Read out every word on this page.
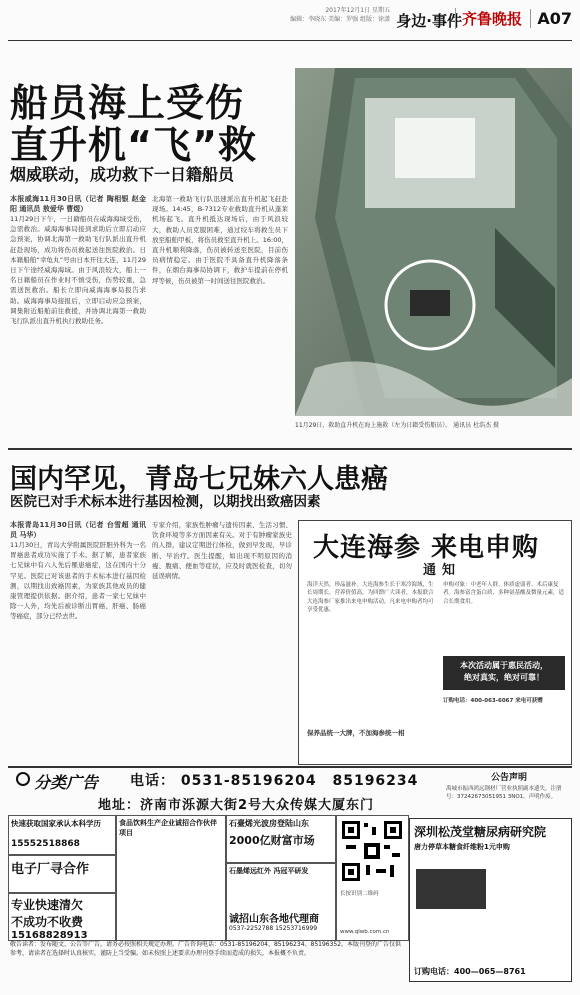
2017年12月1日 星期五
编辑：李晓东 美编：罗强 组版：徐潇 身边·事件 齐鲁晚报 A07
船员海上受伤
直升机“飞”救
烟威联动，成功救下一日籍船员
本报威海11月30日讯（记者 陶相银 赵金阳 通讯员 敖爱华 曹煜）
11月29日下午，一日籍船员在威海海域受伤，急需救治。威海海事局接到求助后立即启动应急预案，协调北海第一救助飞行队派出直升机赶赴现场，成功将伤员救起送往医院救治。日本籍船舶“幸龟丸”号由日本开往大连，11月29日下午途经威海海域。由于风浪较大，船上一名日籍船员在作业时不慎受伤，伤势较重，急需送医救治。船长立即向威海海事局报告求助。威海海事局接报后，立即启动应急预案，调集附近船舶前往救援，并协调北海第一救助飞行队派出直升机执行救助任务。
北海第一救助飞行队迅速派出直升机起飞赶赴现场。14:45，B-7312专业救助直升机从蓬莱机场起飞。直升机抵达现场后，由于风浪较大，救助人员克服困难，通过绞车将救生员下放至船舶甲板，将伤员救至直升机上。16:00，直升机顺利降落，伤员被转送至医院，目前伤员病情稳定。由于医院不具备直升机降落条件，在烟台海事局协调下，救护车提前在停机坪等候，伤员被第一时间送往医院救治。
11月29日，救助直升机在海上施救（左为日籍受伤船员）。 通讯员 杜浩杰 摄
国内罕见，青岛七兄妹六人患癌
医院已对手术标本进行基因检测，以期找出致癌因素
本报青岛11月30日讯（记者 台雪超 通讯员 马华）
11月30日，青岛大学附属医院肝胆外科为一名胃癌患者成功实施了手术。据了解，患者家族七兄妹中有六人先后罹患癌症，这在国内十分罕见。医院已对该患者的手术标本进行基因检测，以期找出致癌因素，为家族其他成员的健康管理提供依据。据介绍，患者一家七兄妹中除一人外，均先后被诊断出胃癌、肝癌、肠癌等癌症，部分已经去世。
专家介绍，家族性肿瘤与遗传因素、生活习惯、饮食环境等多方面因素有关。对于有肿瘤家族史的人群，建议定期进行体检，做到早发现、早诊断、早治疗。医生提醒，如出现不明原因的消瘦、腹痛、便血等症状，应及时就医检查，切勿延误病情。
大连海参 来电申购
通知
海洋天然，珍品滋补。大连海参生长于寒冷海域，生长周期长，营养价值高。为回馈广大读者，本报联合大连海参厂家推出来电申购活动，凡来电申购者均可享受优惠。
申购对象：中老年人群、体质虚弱者、术后康复者。海参富含蛋白质、多种氨基酸及微量元素，适合长期食用。
本次活动属于惠民活动，
绝对真实，绝对可靠！
订购电话：400-063-6067 来电可获赠
保养品统一大牌，不加海参统一相
分类广告 电话： 0531-85196204 85196234
地址：济南市泺源大街2号大众传媒大厦东门
公告声明
禹城市振西鸿远钢材厂营业执照副本遗失，注册号：37242673051951 3NO1，声明作废。
快速获取国家承认本科学历
15552518868
电子厂寻合作
专业快速清欠
不成功不收费
15168828913
食品饮料生产企业诚招合作伙伴项目
石臺烯光波房登陆山东
2000亿财富市场
石墨烯远红外 冯冠平研发
诚招山东各地代理商
0537-2252788 15253716999
长按识别二维码
www.qlwb.com.cn
深圳松茂堂糖尿病研究院
唐力停草本糖食纤维粉1元申购
订购电话：400—065—8761
敬告读者：发布随文、公告等广告，请务必按照相关规定办理。广告咨询电话：0531-85196204、85196234、85196352。本版刊登的广告仅供参考，请读者在选择时认真核实，谨防上当受骗。如未按照上述要求办理刊登手续而造成的损失，本报概不负责。
